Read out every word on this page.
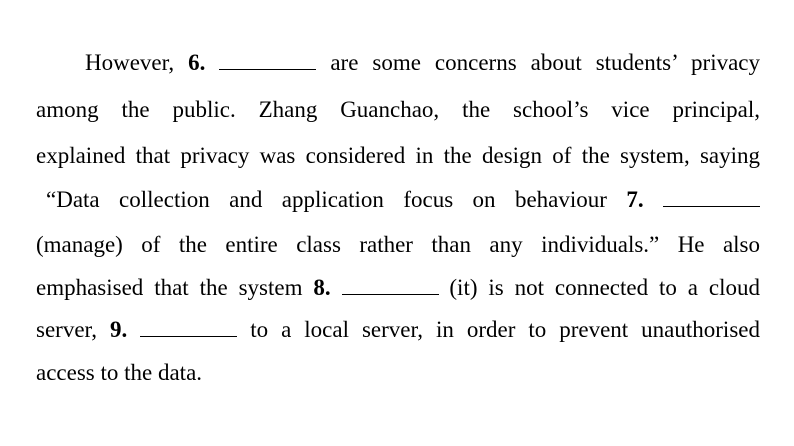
However, 6.	are some concerns about students’ privacy
among the public. Zhang Guanchao, the school’s vice principal,
explained that privacy was considered in the design of the system, saying
“Data collection and application focus on behaviour 7.
(manage) of the entire class rather than any individuals.” He also
emphasised that the system 8.	(it) is not connected to a cloud
server, 9.	to a local server, in order to prevent unauthorised
access to the data.
